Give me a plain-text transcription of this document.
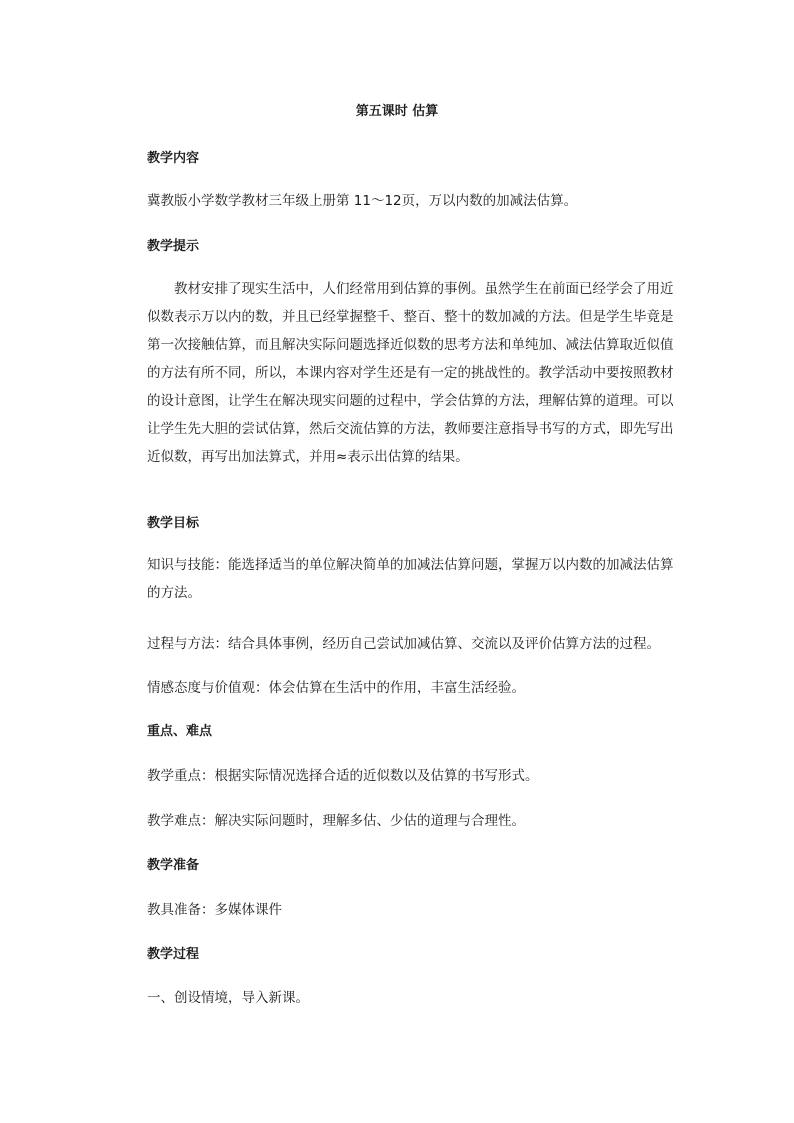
第五课时 估算
教学内容
冀教版小学数学教材三年级上册第 11～12页，万以内数的加减法估算。
教学提示
教材安排了现实生活中，人们经常用到估算的事例。虽然学生在前面已经学会了用近似数表示万以内的数，并且已经掌握整千、整百、整十的数加减的方法。但是学生毕竟是第一次接触估算，而且解决实际问题选择近似数的思考方法和单纯加、减法估算取近似值的方法有所不同，所以，本课内容对学生还是有一定的挑战性的。教学活动中要按照教材的设计意图，让学生在解决现实问题的过程中，学会估算的方法，理解估算的道理。可以让学生先大胆的尝试估算，然后交流估算的方法，教师要注意指导书写的方式，即先写出近似数，再写出加法算式，并用≈表示出估算的结果。
教学目标
知识与技能：能选择适当的单位解决简单的加减法估算问题，掌握万以内数的加减法估算的方法。
过程与方法：结合具体事例，经历自己尝试加减估算、交流以及评价估算方法的过程。
情感态度与价值观：体会估算在生活中的作用，丰富生活经验。
重点、难点
教学重点：根据实际情况选择合适的近似数以及估算的书写形式。
教学难点：解决实际问题时，理解多估、少估的道理与合理性。
教学准备
教具准备：多媒体课件
教学过程
一、创设情境，导入新课。
